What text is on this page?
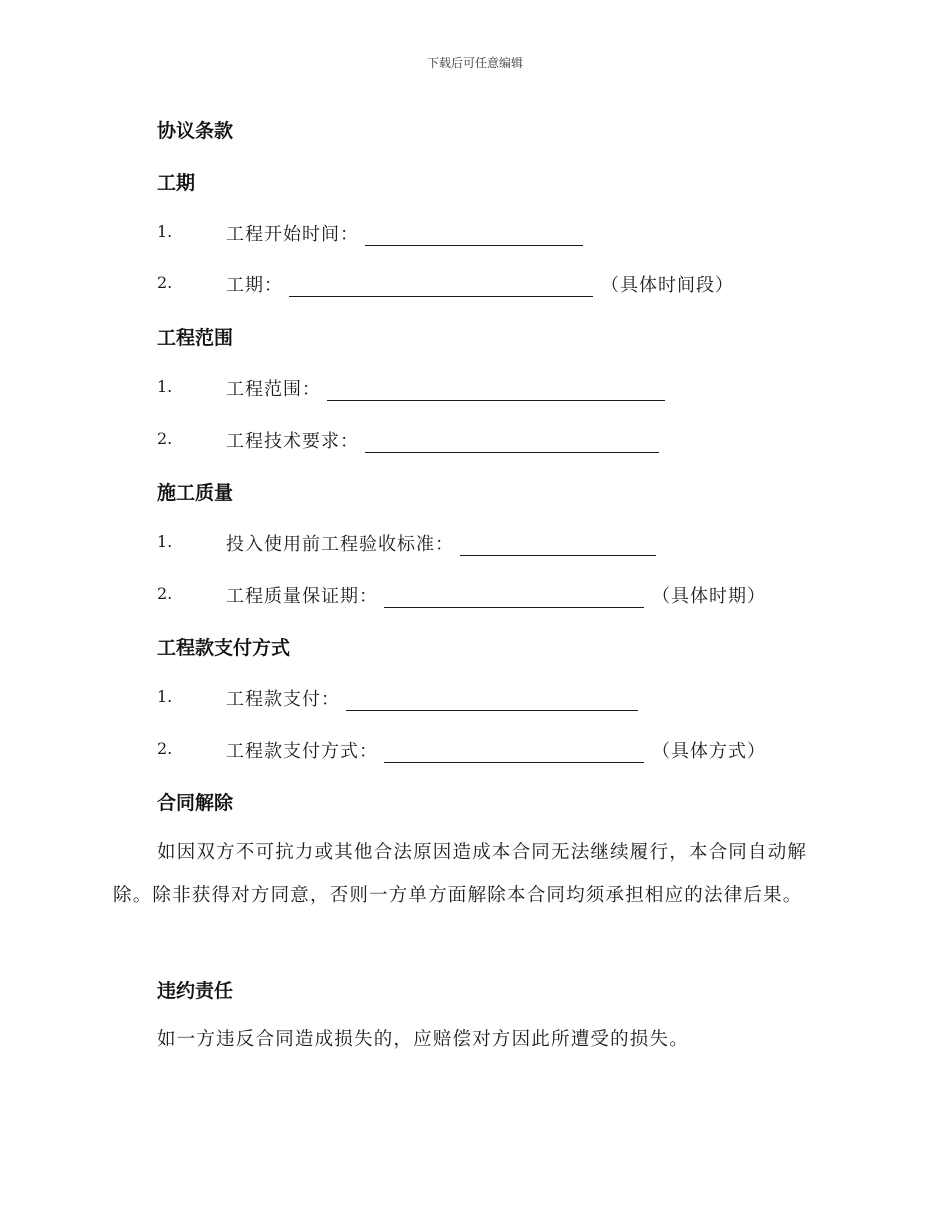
下载后可任意编辑
协议条款
工期
1.	工程开始时间：
2.	工期：	（具体时间段）
工程范围
1.	工程范围：
2.	工程技术要求：
施工质量
1.	投入使用前工程验收标准：
2.	工程质量保证期：	（具体时期）
工程款支付方式
1.	工程款支付：
2.	工程款支付方式：	（具体方式）
合同解除

如因双方不可抗力或其他合法原因造成本合同无法继续履行，本合同自动解除。除非获得对方同意，否则一方单方面解除本合同均须承担相应的法律后果。

违约责任

如一方违反合同造成损失的，应赔偿对方因此所遭受的损失。
